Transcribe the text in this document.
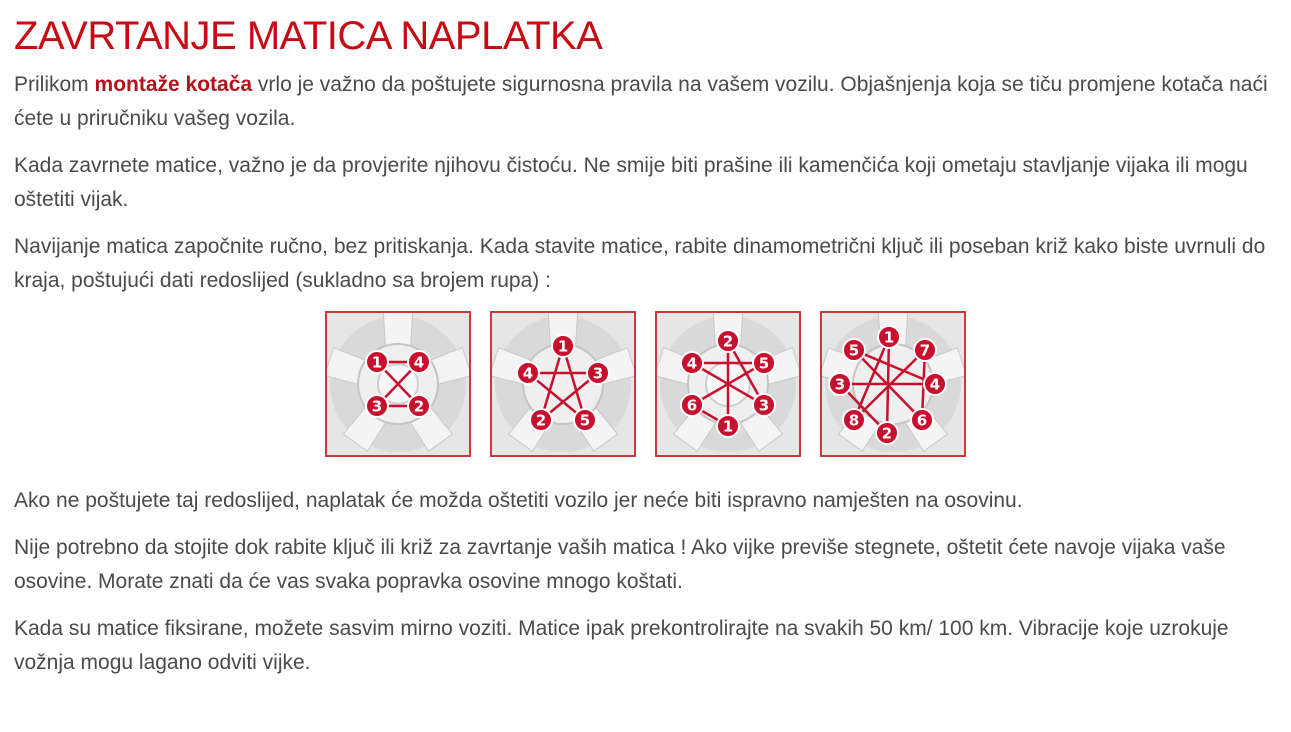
ZAVRTANJE MATICA NAPLATKA

Prilikom montaže kotača vrlo je važno da poštujete sigurnosna pravila na vašem vozilu. Objašnjenja koja se tiču promjene kotača naći ćete u priručniku vašeg vozila.

Kada zavrnete matice, važno je da provjerite njihovu čistoću. Ne smije biti prašine ili kamenčića koji ometaju stavljanje vijaka ili mogu oštetiti vijak.

Navijanje matica započnite ručno, bez pritiskanja. Kada stavite matice, rabite dinamometrični ključ ili poseban križ kako biste uvrnuli do kraja, poštujući dati redoslijed (sukladno sa brojem rupa) :

1
2
3
4
1
2
3
4
5	1
2
3
4	5
6
1
2
3	4
5
6
7
8

Ako ne poštujete taj redoslijed, naplatak će možda oštetiti vozilo jer neće biti ispravno namješten na osovinu.

Nije potrebno da stojite dok rabite ključ ili križ za zavrtanje vaših matica ! Ako vijke previše stegnete, oštetit ćete navoje vijaka vaše osovine. Morate znati da će vas svaka popravka osovine mnogo koštati.

Kada su matice fiksirane, možete sasvim mirno voziti. Matice ipak prekontrolirajte na svakih 50 km/ 100 km. Vibracije koje uzrokuje vožnja mogu lagano odviti vijke.
